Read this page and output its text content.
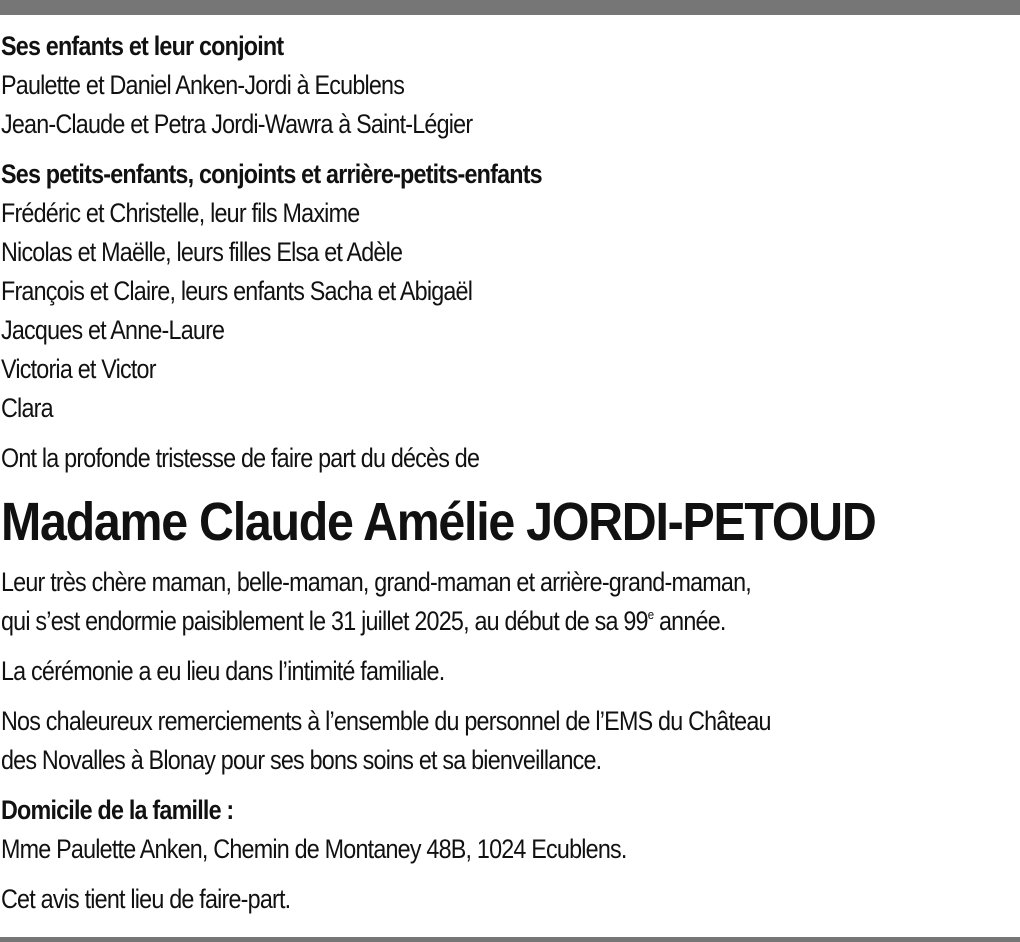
Ses enfants et leur conjoint
Paulette et Daniel Anken-Jordi à Ecublens
Jean-Claude et Petra Jordi-Wawra à Saint-Légier
Ses petits-enfants, conjoints et arrière-petits-enfants
Frédéric et Christelle, leur fils Maxime
Nicolas et Maëlle, leurs filles Elsa et Adèle
François et Claire, leurs enfants Sacha et Abigaël
Jacques et Anne-Laure
Victoria et Victor
Clara
Ont la profonde tristesse de faire part du décès de
Madame Claude Amélie JORDI-PETOUD
Leur très chère maman, belle-maman, grand-maman et arrière-grand-maman,
qui s’est endormie paisiblement le 31 juillet 2025, au début de sa 99e année.
La cérémonie a eu lieu dans l’intimité familiale.
Nos chaleureux remerciements à l’ensemble du personnel de l’EMS du Château
des Novalles à Blonay pour ses bons soins et sa bienveillance.
Domicile de la famille :
Mme Paulette Anken, Chemin de Montaney 48B, 1024 Ecublens.
Cet avis tient lieu de faire-part.
